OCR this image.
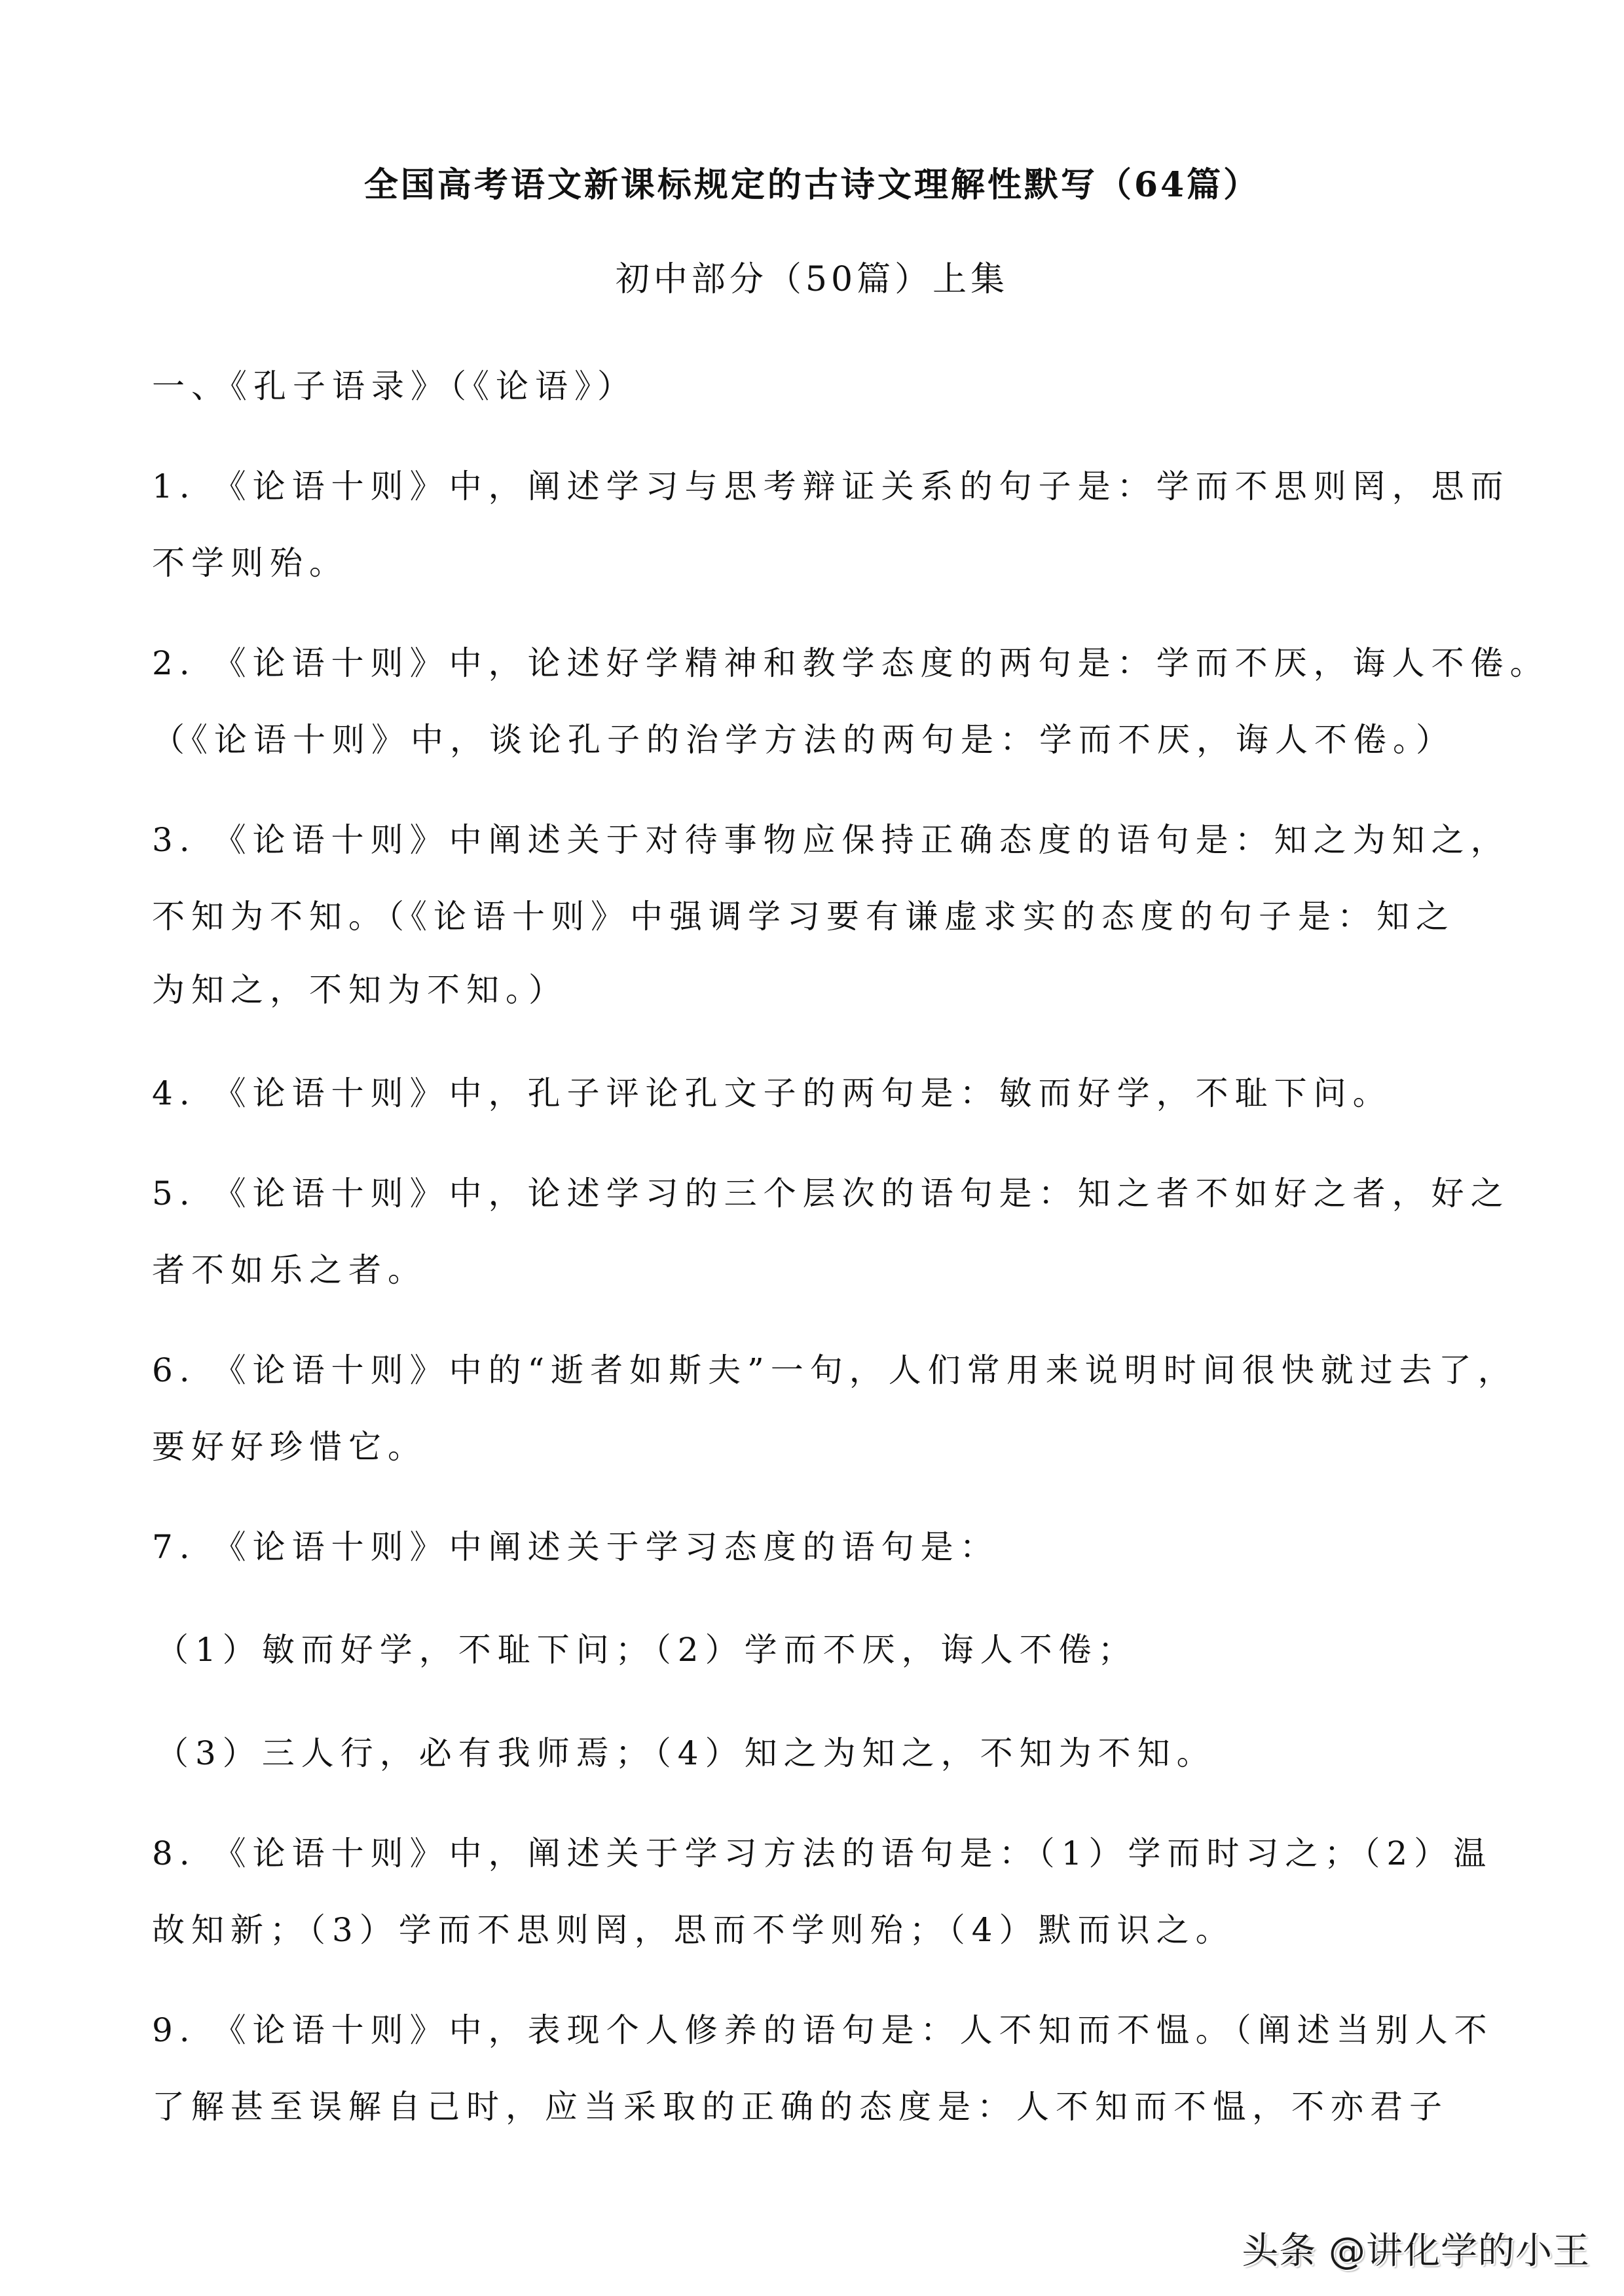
全国高考语文新课标规定的古诗文理解性默写（64篇）
初中部分（50篇）上集
一、《孔子语录》（《论语》）
1. 《论语十则》中，阐述学习与思考辩证关系的句子是：学而不思则罔，思而
不学则殆。
2. 《论语十则》中，论述好学精神和教学态度的两句是：学而不厌，诲人不倦。
（《论语十则》中，谈论孔子的治学方法的两句是：学而不厌，诲人不倦。）
3. 《论语十则》中阐述关于对待事物应保持正确态度的语句是：知之为知之，
不知为不知。（《论语十则》中强调学习要有谦虚求实的态度的句子是：知之
为知之，不知为不知。）
4. 《论语十则》中，孔子评论孔文子的两句是：敏而好学，不耻下问。
5. 《论语十则》中，论述学习的三个层次的语句是：知之者不如好之者，好之
者不如乐之者。
6. 《论语十则》中的“逝者如斯夫”一句，人们常用来说明时间很快就过去了，
要好好珍惜它。
7. 《论语十则》中阐述关于学习态度的语句是：
（1）敏而好学，不耻下问；（2）学而不厌，诲人不倦；
（3）三人行，必有我师焉；（4）知之为知之，不知为不知。
8. 《论语十则》中，阐述关于学习方法的语句是：（1）学而时习之；（2）温
故知新；（3）学而不思则罔，思而不学则殆；（4）默而识之。
9. 《论语十则》中，表现个人修养的语句是：人不知而不愠。（阐述当别人不
了解甚至误解自己时，应当采取的正确的态度是：人不知而不愠，不亦君子
头条 @讲化学的小王
